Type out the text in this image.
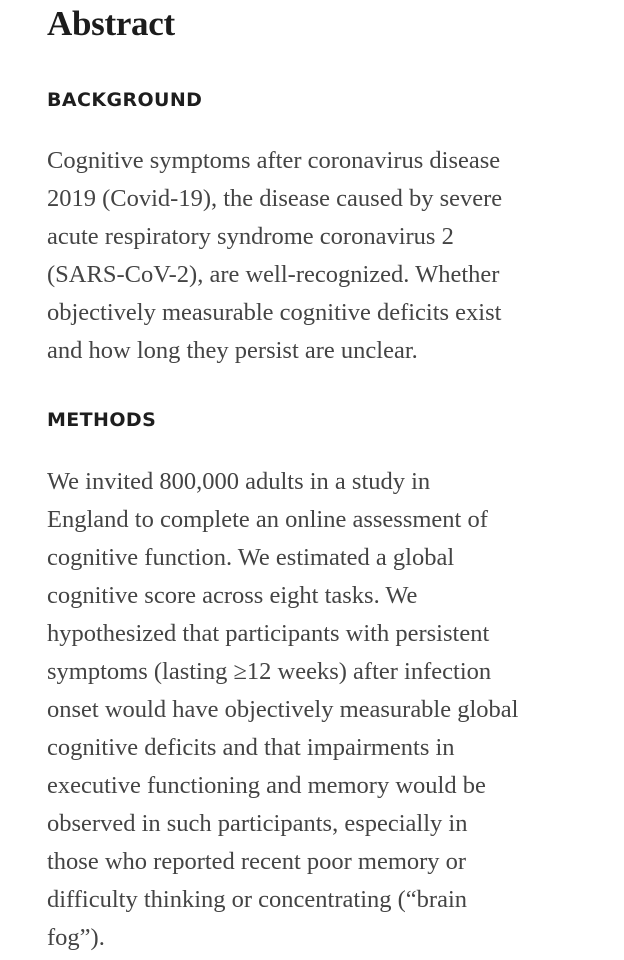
Abstract
BACKGROUND

Cognitive symptoms after coronavirus disease
2019 (Covid-19), the disease caused by severe
acute respiratory syndrome coronavirus 2
(SARS-CoV-2), are well-recognized. Whether
objectively measurable cognitive deficits exist
and how long they persist are unclear.

METHODS

We invited 800,000 adults in a study in
England to complete an online assessment of
cognitive function. We estimated a global
cognitive score across eight tasks. We
hypothesized that participants with persistent
symptoms (lasting ≥12 weeks) after infection
onset would have objectively measurable global
cognitive deficits and that impairments in
executive functioning and memory would be
observed in such participants, especially in
those who reported recent poor memory or
difficulty thinking or concentrating (“brain
fog”).
